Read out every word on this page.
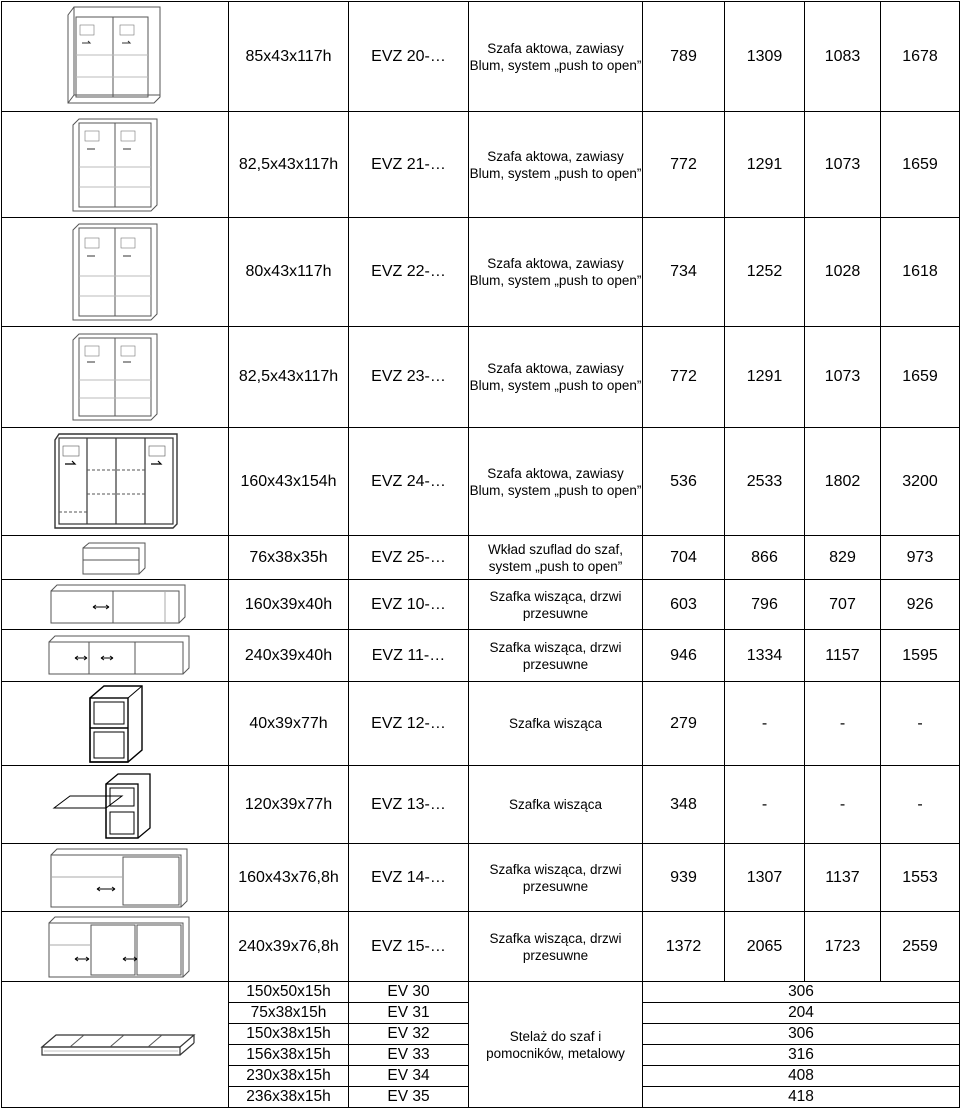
	85x43x117h	EVZ 20-…	Szafa aktowa, zawiasy Blum, system „push to open”	789	1309	1083	1678

	82,5x43x117h	EVZ 21-…	Szafa aktowa, zawiasy Blum, system „push to open”	772	1291	1073	1659

	80x43x117h	EVZ 22-…	Szafa aktowa, zawiasy Blum, system „push to open”	734	1252	1028	1618

	82,5x43x117h	EVZ 23-…	Szafa aktowa, zawiasy Blum, system „push to open”	772	1291	1073	1659

	160x43x154h	EVZ 24-…	Szafa aktowa, zawiasy Blum, system „push to open”	536	2533	1802	3200

	76x38x35h	EVZ 25-…	Wkład szuflad do szaf, system „push to open”	704	866	829	973

	160x39x40h	EVZ 10-…	Szafka wisząca, drzwi przesuwne	603	796	707	926

	240x39x40h	EVZ 11-…	Szafka wisząca, drzwi przesuwne	946	1334	1157	1595

	40x39x77h	EVZ 12-…	Szafka wisząca	279	-	-	-

	120x39x77h	EVZ 13-…	Szafka wisząca	348	-	-	-

	160x43x76,8h	EVZ 14-…	Szafka wisząca, drzwi przesuwne	939	1307	1137	1553

	240x39x76,8h	EVZ 15-…	Szafka wisząca, drzwi przesuwne	1372	2065	1723	2559

	150x50x15h	EV 30	Stelaż do szaf i pomocników, metalowy	306			
	75x38x15h	EV 31		204			
	150x38x15h	EV 32		306			
	156x38x15h	EV 33		316			
	230x38x15h	EV 34		408			
	236x38x15h	EV 35		418			
